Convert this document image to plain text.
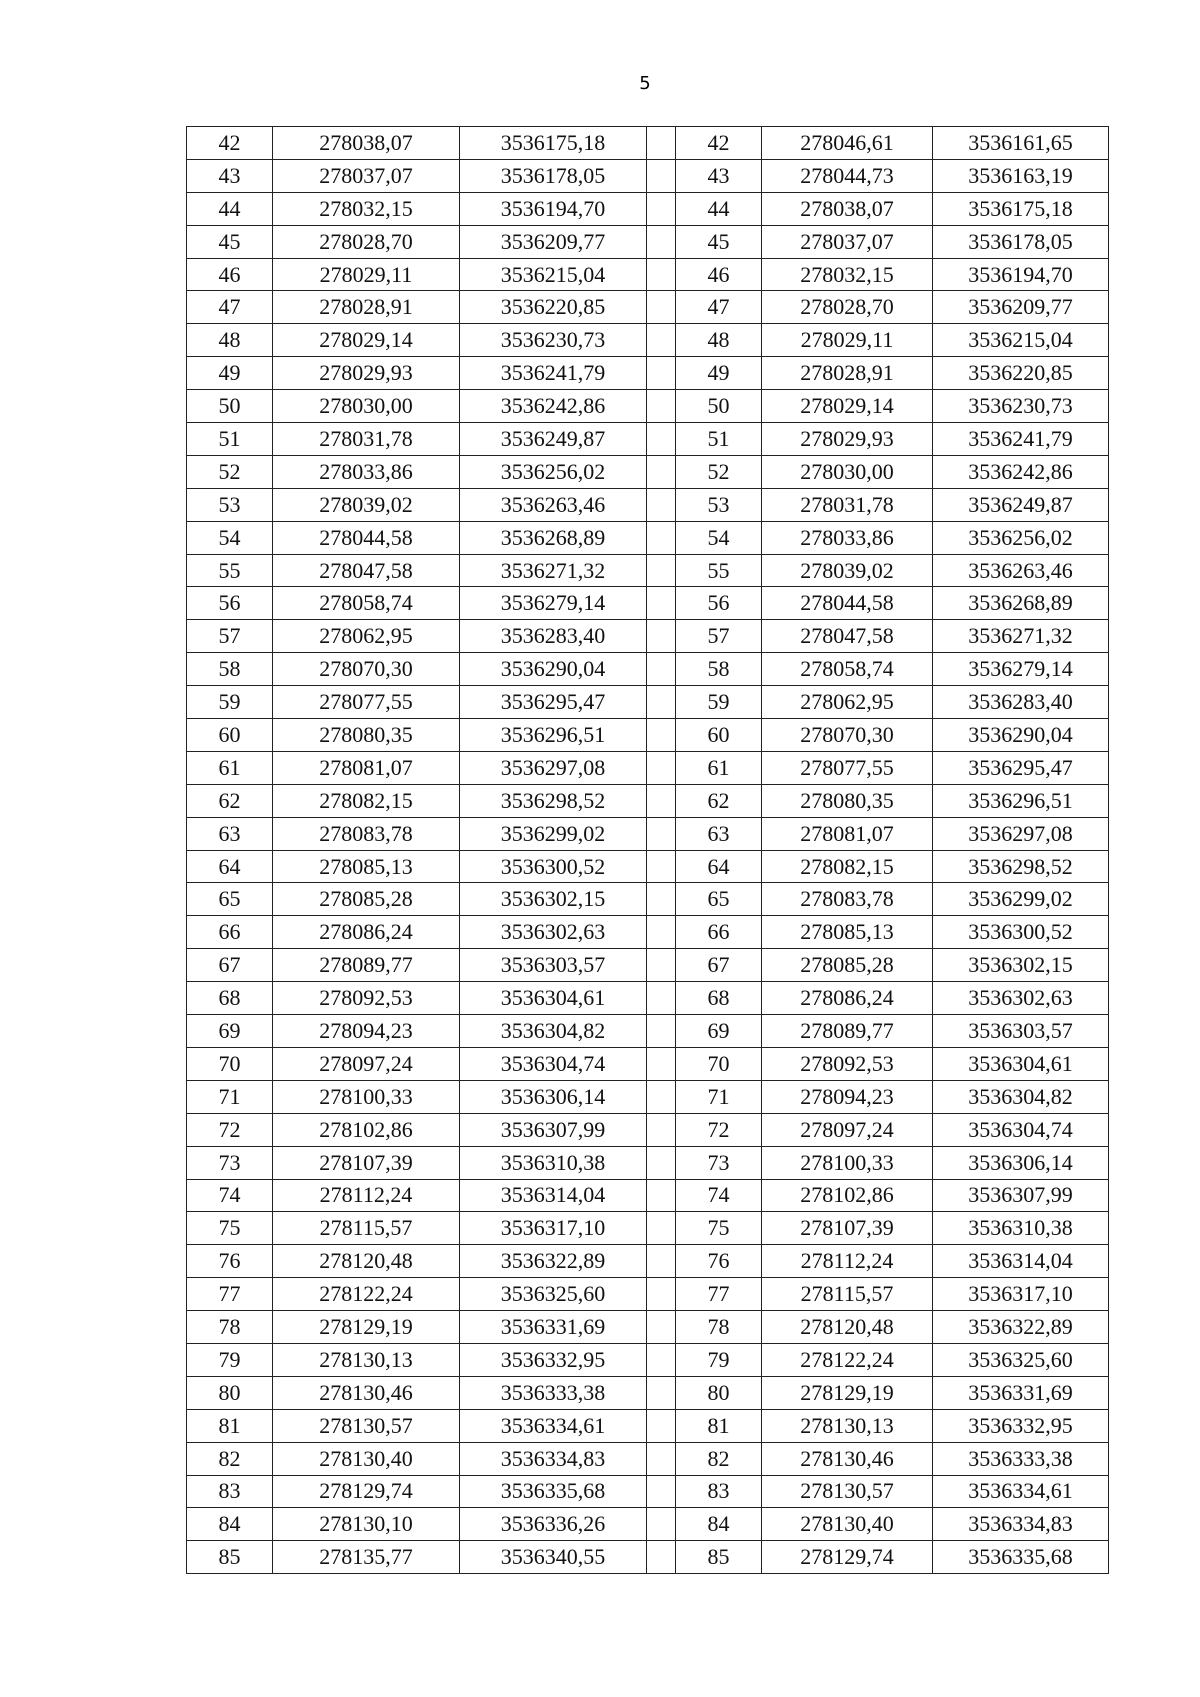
5
42	278038,07	3536175,18		42	278046,61	3536161,65
43	278037,07	3536178,05		43	278044,73	3536163,19
44	278032,15	3536194,70		44	278038,07	3536175,18
45	278028,70	3536209,77		45	278037,07	3536178,05
46	278029,11	3536215,04		46	278032,15	3536194,70
47	278028,91	3536220,85		47	278028,70	3536209,77
48	278029,14	3536230,73		48	278029,11	3536215,04
49	278029,93	3536241,79		49	278028,91	3536220,85
50	278030,00	3536242,86		50	278029,14	3536230,73
51	278031,78	3536249,87		51	278029,93	3536241,79
52	278033,86	3536256,02		52	278030,00	3536242,86
53	278039,02	3536263,46		53	278031,78	3536249,87
54	278044,58	3536268,89		54	278033,86	3536256,02
55	278047,58	3536271,32		55	278039,02	3536263,46
56	278058,74	3536279,14		56	278044,58	3536268,89
57	278062,95	3536283,40		57	278047,58	3536271,32
58	278070,30	3536290,04		58	278058,74	3536279,14
59	278077,55	3536295,47		59	278062,95	3536283,40
60	278080,35	3536296,51		60	278070,30	3536290,04
61	278081,07	3536297,08		61	278077,55	3536295,47
62	278082,15	3536298,52		62	278080,35	3536296,51
63	278083,78	3536299,02		63	278081,07	3536297,08
64	278085,13	3536300,52		64	278082,15	3536298,52
65	278085,28	3536302,15		65	278083,78	3536299,02
66	278086,24	3536302,63		66	278085,13	3536300,52
67	278089,77	3536303,57		67	278085,28	3536302,15
68	278092,53	3536304,61		68	278086,24	3536302,63
69	278094,23	3536304,82		69	278089,77	3536303,57
70	278097,24	3536304,74		70	278092,53	3536304,61
71	278100,33	3536306,14		71	278094,23	3536304,82
72	278102,86	3536307,99		72	278097,24	3536304,74
73	278107,39	3536310,38		73	278100,33	3536306,14
74	278112,24	3536314,04		74	278102,86	3536307,99
75	278115,57	3536317,10		75	278107,39	3536310,38
76	278120,48	3536322,89		76	278112,24	3536314,04
77	278122,24	3536325,60		77	278115,57	3536317,10
78	278129,19	3536331,69		78	278120,48	3536322,89
79	278130,13	3536332,95		79	278122,24	3536325,60
80	278130,46	3536333,38		80	278129,19	3536331,69
81	278130,57	3536334,61		81	278130,13	3536332,95
82	278130,40	3536334,83		82	278130,46	3536333,38
83	278129,74	3536335,68		83	278130,57	3536334,61
84	278130,10	3536336,26		84	278130,40	3536334,83
85	278135,77	3536340,55		85	278129,74	3536335,68
